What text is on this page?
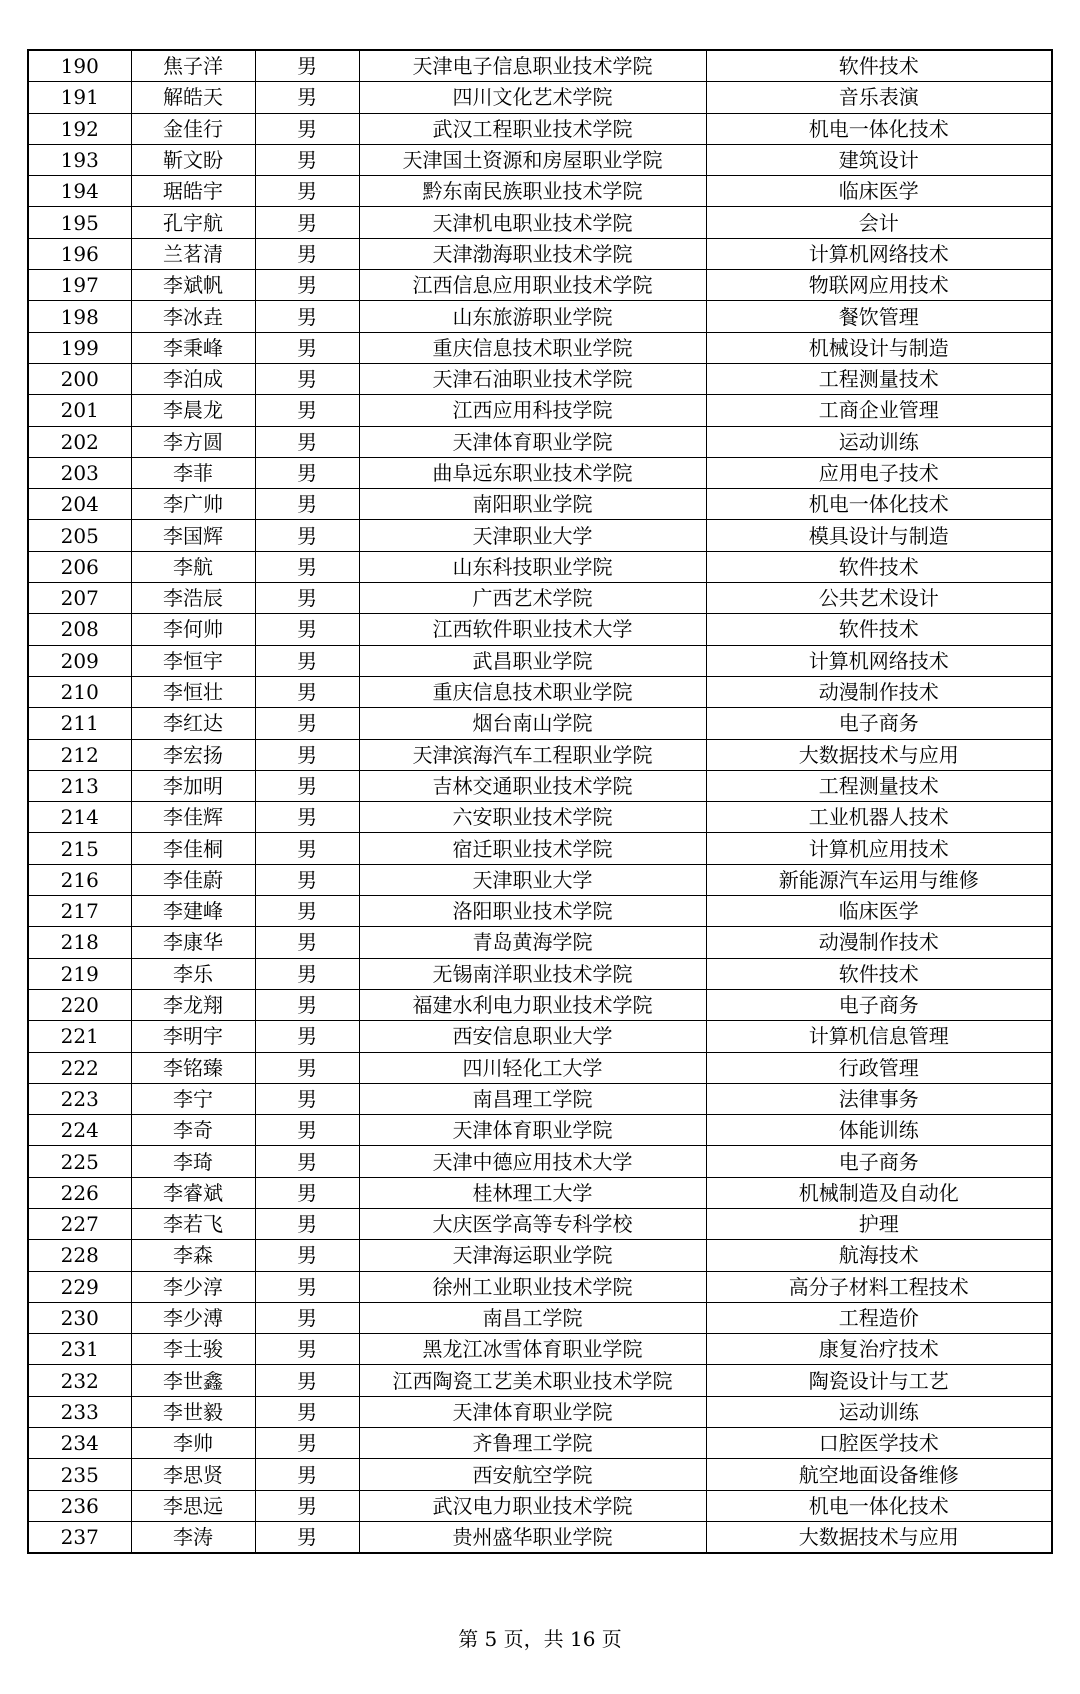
190	焦子洋	男	天津电子信息职业技术学院	软件技术
191	解皓天	男	四川文化艺术学院	音乐表演
192	金佳行	男	武汉工程职业技术学院	机电一体化技术
193	靳文盼	男	天津国土资源和房屋职业学院	建筑设计
194	琚皓宇	男	黔东南民族职业技术学院	临床医学
195	孔宇航	男	天津机电职业技术学院	会计
196	兰茗清	男	天津渤海职业技术学院	计算机网络技术
197	李斌帆	男	江西信息应用职业技术学院	物联网应用技术
198	李冰垚	男	山东旅游职业学院	餐饮管理
199	李秉峰	男	重庆信息技术职业学院	机械设计与制造
200	李泊成	男	天津石油职业技术学院	工程测量技术
201	李晨龙	男	江西应用科技学院	工商企业管理
202	李方圆	男	天津体育职业学院	运动训练
203	李菲	男	曲阜远东职业技术学院	应用电子技术
204	李广帅	男	南阳职业学院	机电一体化技术
205	李国辉	男	天津职业大学	模具设计与制造
206	李航	男	山东科技职业学院	软件技术
207	李浩辰	男	广西艺术学院	公共艺术设计
208	李何帅	男	江西软件职业技术大学	软件技术
209	李恒宇	男	武昌职业学院	计算机网络技术
210	李恒壮	男	重庆信息技术职业学院	动漫制作技术
211	李红达	男	烟台南山学院	电子商务
212	李宏扬	男	天津滨海汽车工程职业学院	大数据技术与应用
213	李加明	男	吉林交通职业技术学院	工程测量技术
214	李佳辉	男	六安职业技术学院	工业机器人技术
215	李佳桐	男	宿迁职业技术学院	计算机应用技术
216	李佳蔚	男	天津职业大学	新能源汽车运用与维修
217	李建峰	男	洛阳职业技术学院	临床医学
218	李康华	男	青岛黄海学院	动漫制作技术
219	李乐	男	无锡南洋职业技术学院	软件技术
220	李龙翔	男	福建水利电力职业技术学院	电子商务
221	李明宇	男	西安信息职业大学	计算机信息管理
222	李铭臻	男	四川轻化工大学	行政管理
223	李宁	男	南昌理工学院	法律事务
224	李奇	男	天津体育职业学院	体能训练
225	李琦	男	天津中德应用技术大学	电子商务
226	李睿斌	男	桂林理工大学	机械制造及自动化
227	李若飞	男	大庆医学高等专科学校	护理
228	李森	男	天津海运职业学院	航海技术
229	李少淳	男	徐州工业职业技术学院	高分子材料工程技术
230	李少溥	男	南昌工学院	工程造价
231	李士骏	男	黑龙江冰雪体育职业学院	康复治疗技术
232	李世鑫	男	江西陶瓷工艺美术职业技术学院	陶瓷设计与工艺
233	李世毅	男	天津体育职业学院	运动训练
234	李帅	男	齐鲁理工学院	口腔医学技术
235	李思贤	男	西安航空学院	航空地面设备维修
236	李思远	男	武汉电力职业技术学院	机电一体化技术
237	李涛	男	贵州盛华职业学院	大数据技术与应用
第 5 页，共 16 页
